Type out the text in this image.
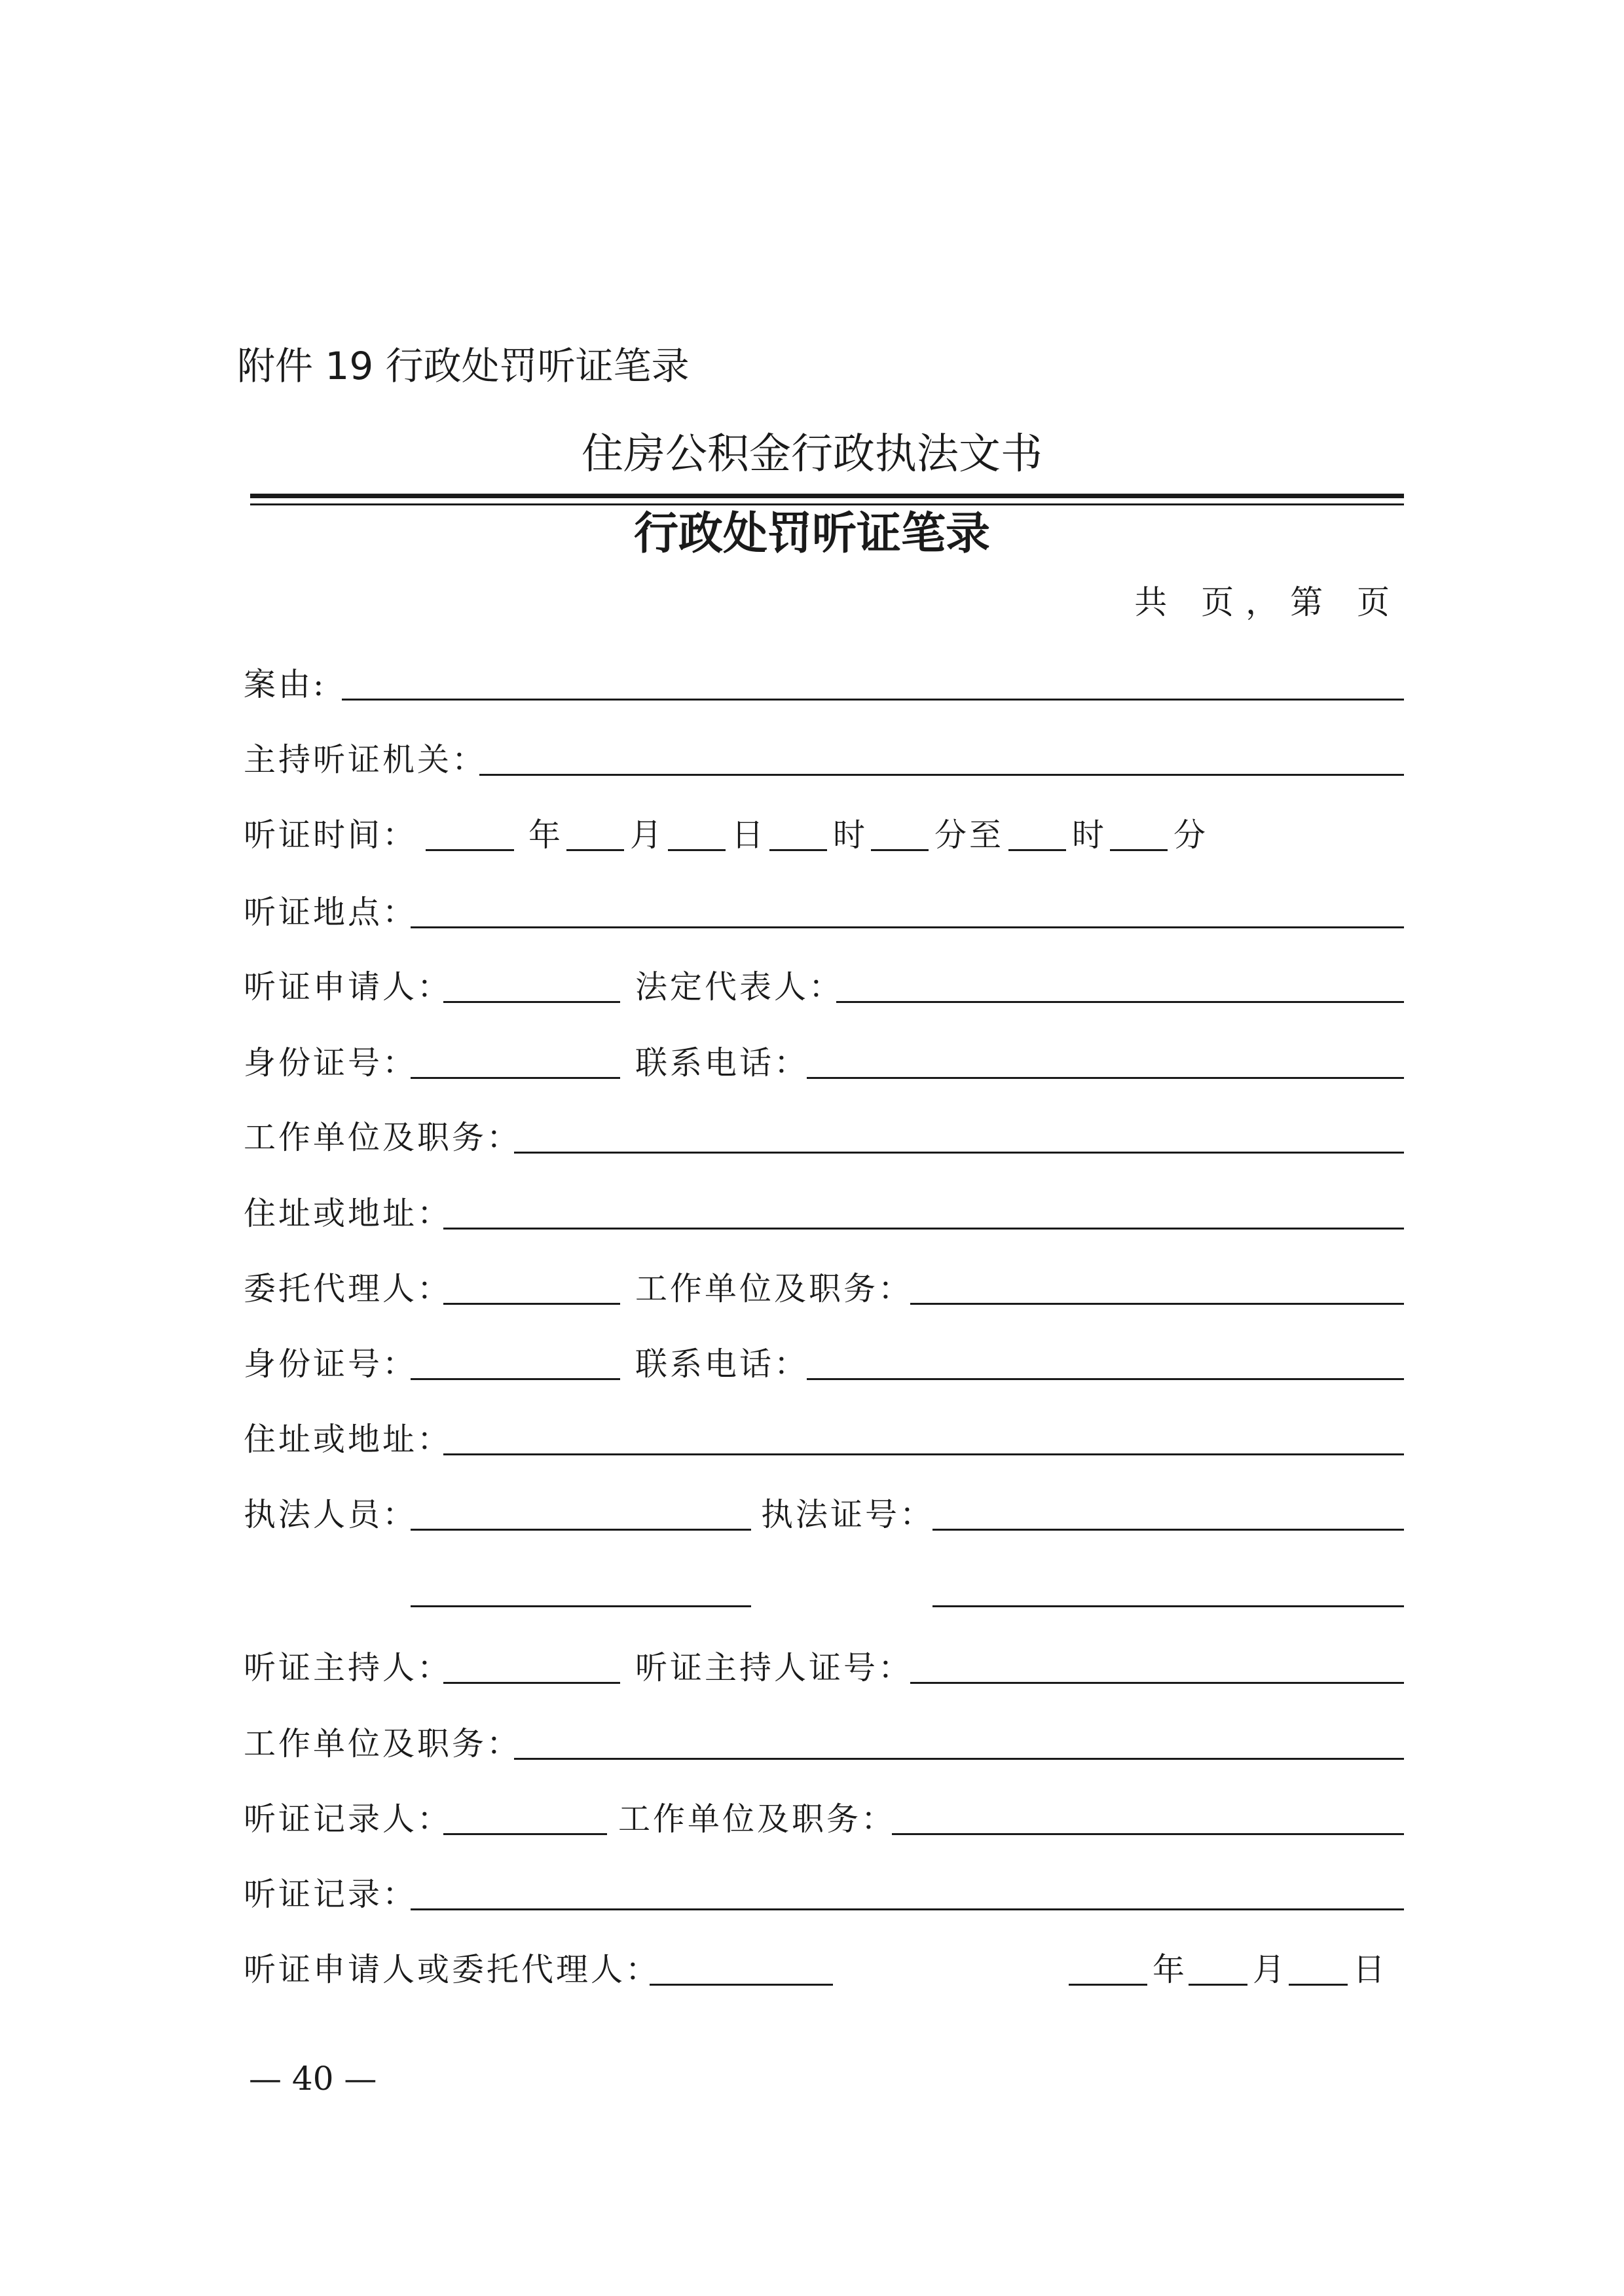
附件 19 行政处罚听证笔录
住房公积金行政执法文书
行政处罚听证笔录
共 页，第 页
案由:
主持听证机关：
听证时间：	年 月 日 时 分至 时 分
听证地点：
听证申请人：	法定代表人：
身份证号：	联系电话：
工作单位及职务：
住址或地址：
委托代理人：	工作单位及职务：
身份证号：	联系电话：
住址或地址：
执法人员：	执法证号：
听证主持人：	听证主持人证号：
工作单位及职务：
听证记录人：	工作单位及职务：
听证记录：
听证申请人或委托代理人：	年 月 日
— 40 —
